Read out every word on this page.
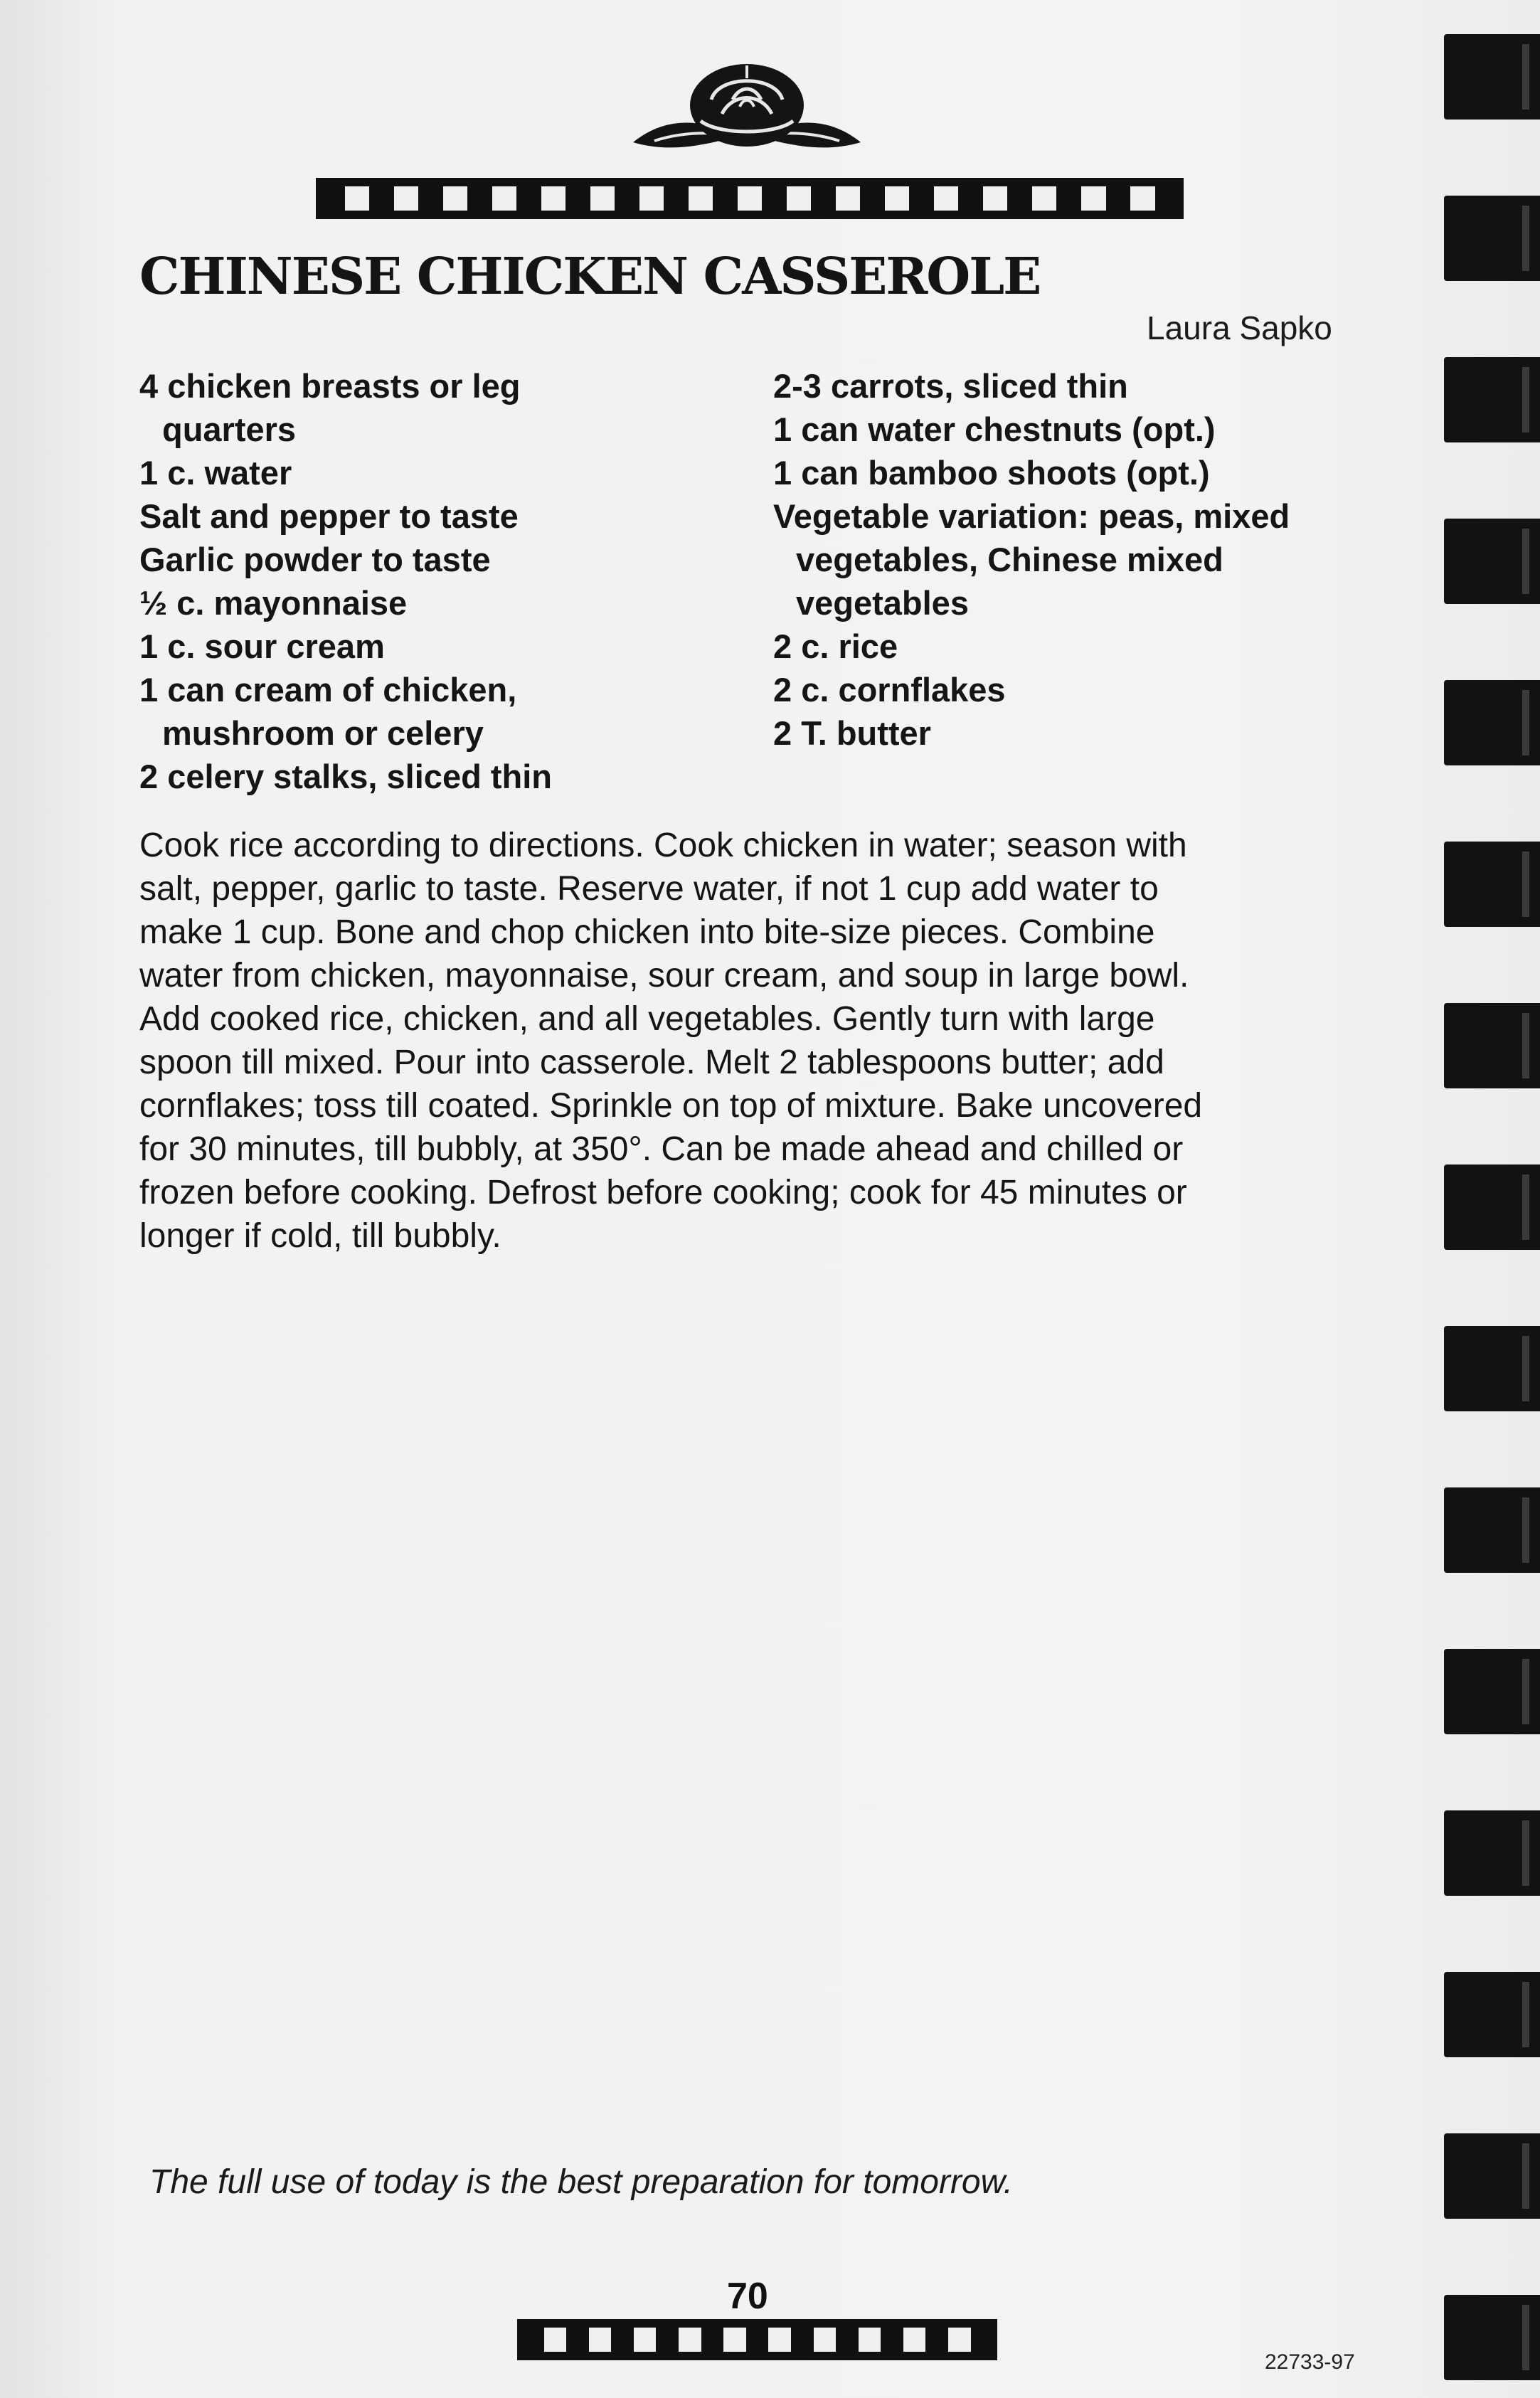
CHINESE CHICKEN CASSEROLE
Laura Sapko
4 chicken breasts or leg
quarters
1 c. water
Salt and pepper to taste
Garlic powder to taste
½ c. mayonnaise
1 c. sour cream
1 can cream of chicken,
mushroom or celery
2 celery stalks, sliced thin
2-3 carrots, sliced thin
1 can water chestnuts (opt.)
1 can bamboo shoots (opt.)
Vegetable variation: peas, mixed
vegetables, Chinese mixed
vegetables
2 c. rice
2 c. cornflakes
2 T. butter
Cook rice according to directions. Cook chicken in water; season with
salt, pepper, garlic to taste. Reserve water, if not 1 cup add water to
make 1 cup. Bone and chop chicken into bite-size pieces. Combine
water from chicken, mayonnaise, sour cream, and soup in large bowl.
Add cooked rice, chicken, and all vegetables. Gently turn with large
spoon till mixed. Pour into casserole. Melt 2 tablespoons butter; add
cornflakes; toss till coated. Sprinkle on top of mixture. Bake uncovered
for 30 minutes, till bubbly, at 350°. Can be made ahead and chilled or
frozen before cooking. Defrost before cooking; cook for 45 minutes or
longer if cold, till bubbly.
The full use of today is the best preparation for tomorrow.
70
22733-97
